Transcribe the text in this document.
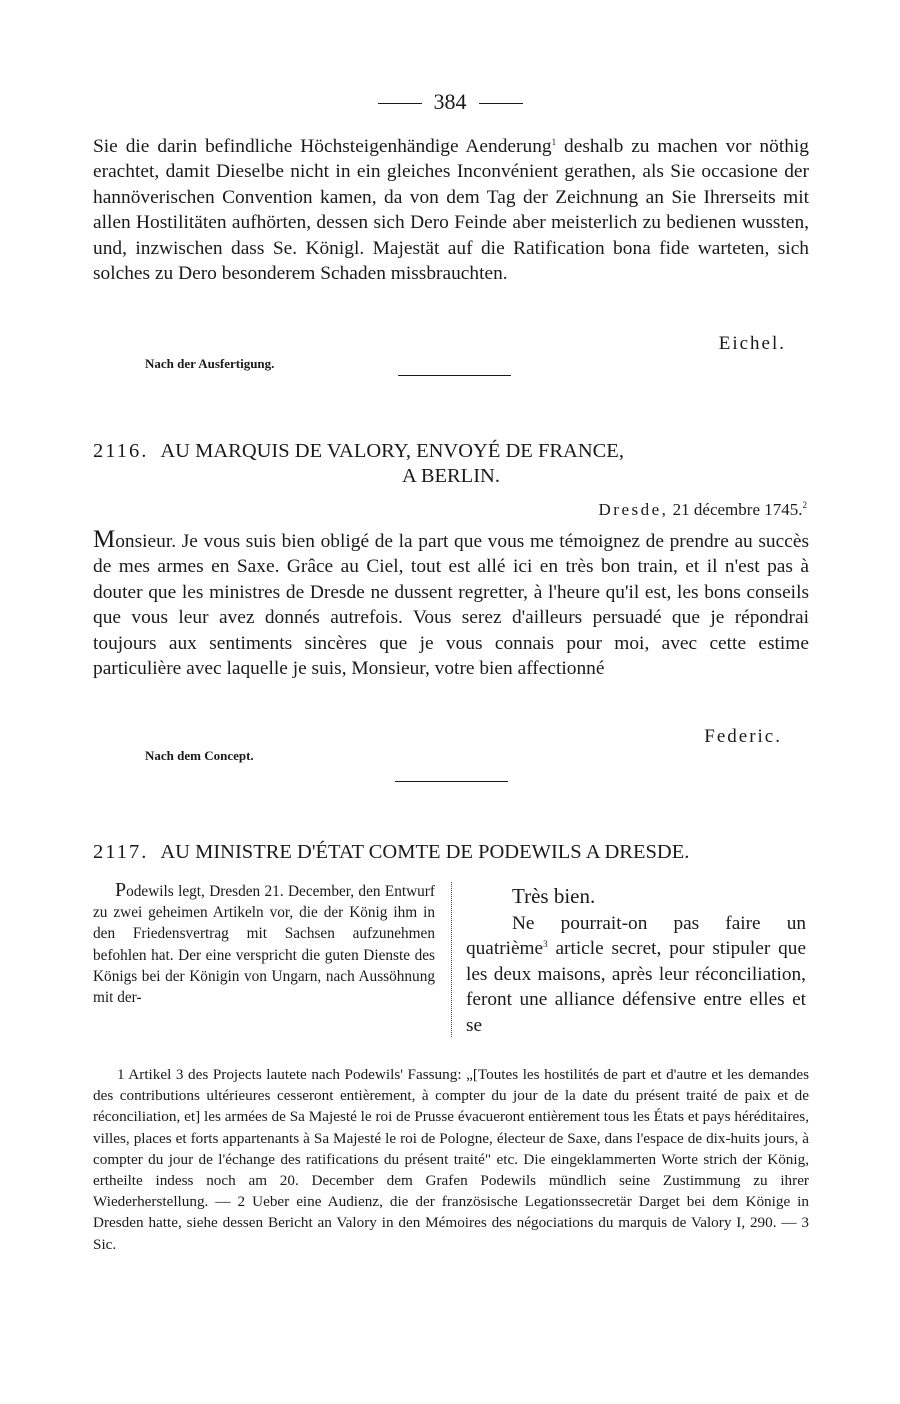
384

Sie die darin befindliche Höchsteigenhändige Aenderung$^1$ deshalb zu machen vor nöthig erachtet, damit Dieselbe nicht in ein gleiches Inconvénient gerathen, als Sie occasione der hannöverischen Convention kamen, da von dem Tag der Zeichnung an Sie Ihrerseits mit allen Hostilitäten aufhörten, dessen sich Dero Feinde aber meisterlich zu bedienen wussten, und, inzwischen dass Se. Königl. Majestät auf die Ratification bona fide warteten, sich solches zu Dero besonderem Schaden missbrauchten.

Eichel.
Nach der Ausfertigung.
2116. AU MARQUIS DE VALORY, ENVOYÉ DE FRANCE,
A BERLIN.
Dresde, 21 décembre 1745.$^2$

Monsieur. Je vous suis bien obligé de la part que vous me témoignez de prendre au succès de mes armes en Saxe. Grâce au Ciel, tout est allé ici en très bon train, et il n'est pas à douter que les ministres de Dresde ne dussent regretter, à l'heure qu'il est, les bons conseils que vous leur avez donnés autrefois. Vous serez d'ailleurs persuadé que je répondrai toujours aux sentiments sincères que je vous connais pour moi, avec cette estime particulière avec laquelle je suis, Monsieur, votre bien affectionné

Federic.
Nach dem Concept.
2117. AU MINISTRE D'ÉTAT COMTE DE PODEWILS A DRESDE.

Podewils legt, Dresden 21. December, den Entwurf zu zwei geheimen Artikeln vor, die der König ihm in den Friedensvertrag mit Sachsen aufzunehmen befohlen hat. Der eine verspricht die guten Dienste des Königs bei der Königin von Ungarn, nach Aussöhnung mit der-

Très bien.
Ne pourrait-on pas faire un quatrième$^3$ article secret, pour stipuler que les deux maisons, après leur réconciliation, feront une alliance défensive entre elles et se

1 Artikel 3 des Projects lautete nach Podewils' Fassung: „[Toutes les hostilités de part et d'autre et les demandes des contributions ultérieures cesseront entièrement, à compter du jour de la date du présent traité de paix et de réconciliation, et] les armées de Sa Majesté le roi de Prusse évacueront entièrement tous les États et pays héréditaires, villes, places et forts appartenants à Sa Majesté le roi de Pologne, électeur de Saxe, dans l'espace de dix-huits jours, à compter du jour de l'échange des ratifications du présent traité" etc. Die eingeklammerten Worte strich der König, ertheilte indess noch am 20. December dem Grafen Podewils mündlich seine Zustimmung zu ihrer Wiederherstellung. — 2 Ueber eine Audienz, die der französische Legationssecretär Darget bei dem Könige in Dresden hatte, siehe dessen Bericht an Valory in den Mémoires des négociations du marquis de Valory I, 290. — 3 Sic.
